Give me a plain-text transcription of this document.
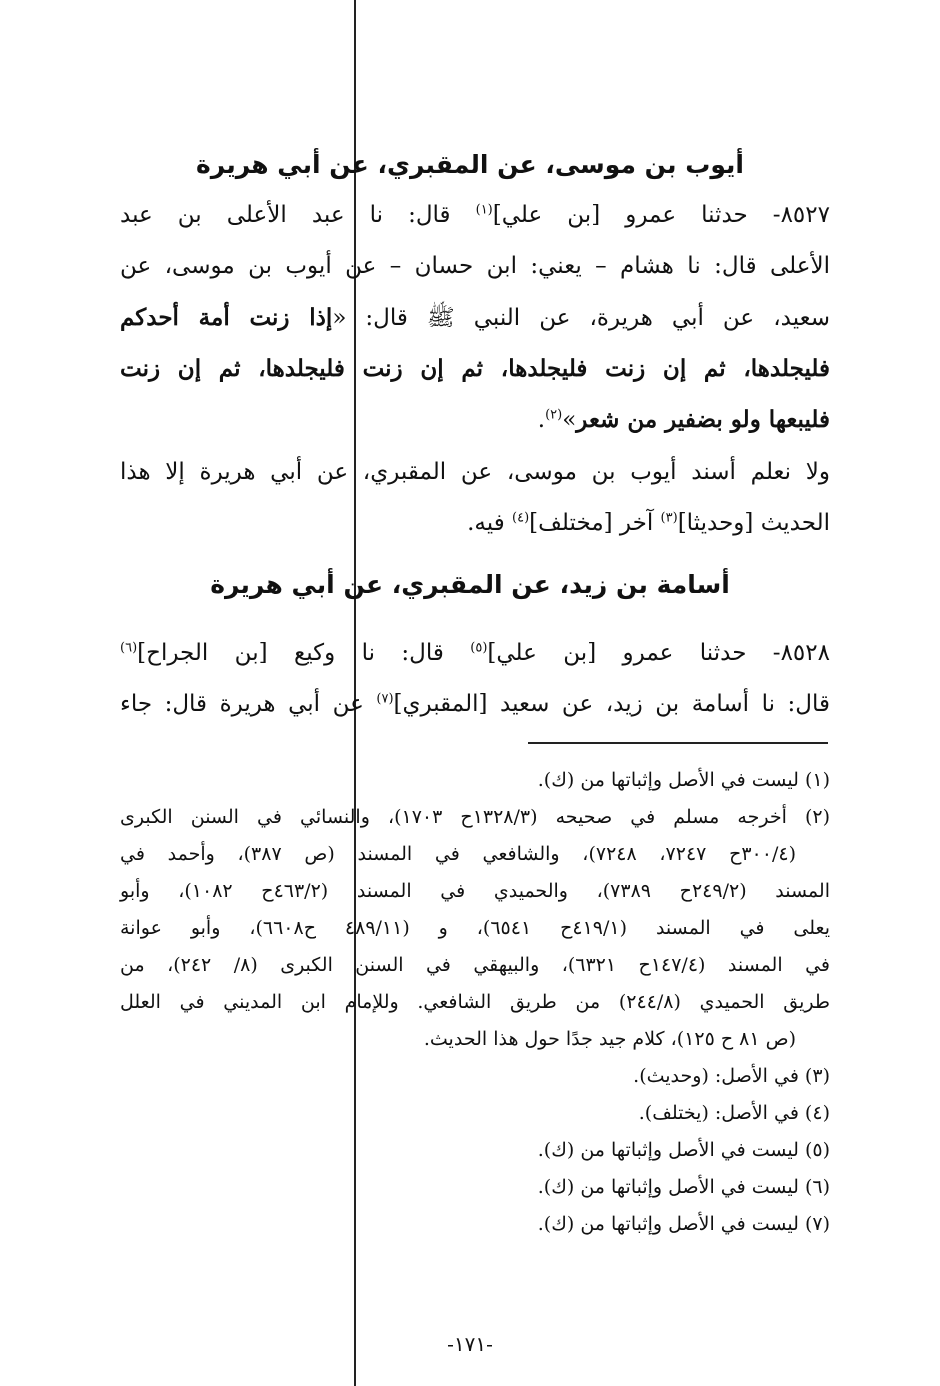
أيوب بن موسى، عن المقبري، عن أبي هريرة
٨٥٢٧- حدثنا عمرو [بن علي]$^{(١)}$ قال: نا عبد الأعلى بن عبد
الأعلى قال: نا هشام – يعني: ابن حسان – عن أيوب بن موسى، عن
سعيد، عن أبي هريرة، عن النبي ﷺ قال: «إذا زنت أمة أحدكم
فليجلدها، ثم إن زنت فليجلدها، ثم إن زنت فليجلدها، ثم إن زنت
فليبعها ولو بضفير من شعر»$^{(٢)}$.
ولا نعلم أسند أيوب بن موسى، عن المقبري، عن أبي هريرة إلا هذا
الحديث [وحديثا]$^{(٣)}$ آخر [مختلف]$^{(٤)}$ فيه.
أسامة بن زيد، عن المقبري، عن أبي هريرة
٨٥٢٨- حدثنا عمرو [بن علي]$^{(٥)}$ قال: نا وكيع [بن الجراح]$^{(٦)}$
قال: نا أسامة بن زيد، عن سعيد [المقبري]$^{(٧)}$ عن أبي هريرة قال: جاء
(١) ليست في الأصل وإثباتها من (ك).
(٢) أخرجه مسلم في صحيحه (١٣٢٨/٣ح ١٧٠٣)، والنسائي في السنن الكبرى
(٣٠٠/٤ح ٧٢٤٧، ٧٢٤٨)، والشافعي في المسند (ص ٣٨٧)، وأحمد في
المسند (٢٤٩/٢ح ٧٣٨٩)، والحميدي في المسند (٤٦٣/٢ح ١٠٨٢)، وأبو
يعلى في المسند (٤١٩/١ح ٦٥٤١)، و (٤٨٩/١١ ح٦٦٠٨)، وأبو عوانة
في المسند (١٤٧/٤ح ٦٣٢١)، والبيهقي في السنن الكبرى (٨/ ٢٤٢)، من
طريق الحميدي (٢٤٤/٨) من طريق الشافعي. وللإمام ابن المديني في العلل
(ص ٨١ ح ١٢٥)، كلام جيد جدًا حول هذا الحديث.
(٣) في الأصل: (وحديث).
(٤) في الأصل: (يختلف).
(٥) ليست في الأصل وإثباتها من (ك).
(٦) ليست في الأصل وإثباتها من (ك).
(٧) ليست في الأصل وإثباتها من (ك).
-١٧١-
